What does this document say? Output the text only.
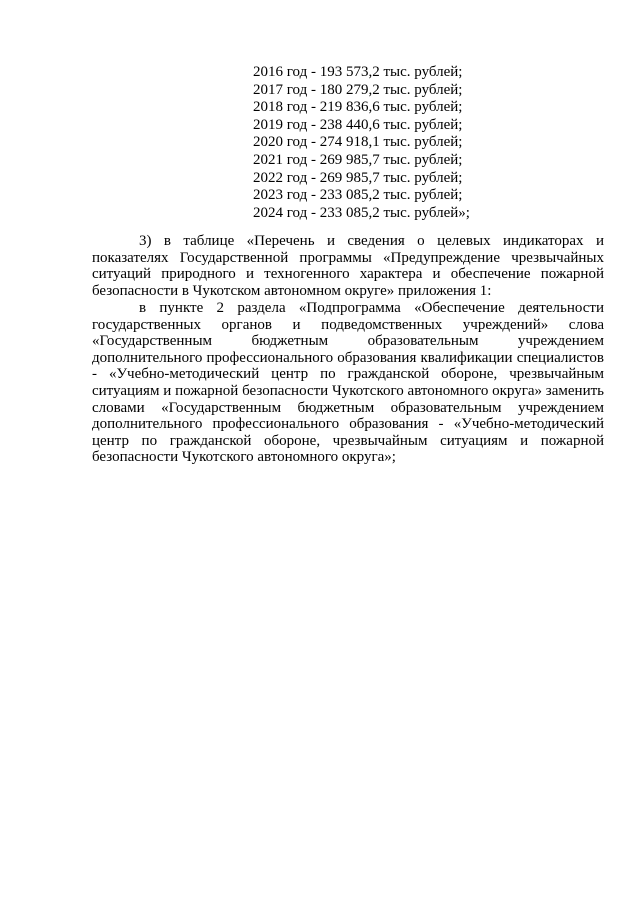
2016 год - 193 573,2 тыс. рублей;
2017 год - 180 279,2 тыс. рублей;
2018 год - 219 836,6 тыс. рублей;
2019 год - 238 440,6 тыс. рублей;
2020 год - 274 918,1 тыс. рублей;
2021 год - 269 985,7 тыс. рублей;
2022 год - 269 985,7 тыс. рублей;
2023 год - 233 085,2 тыс. рублей;
2024 год - 233 085,2 тыс. рублей»;

3) в таблице «Перечень и сведения о целевых индикаторах и показателях Государственной программы «Предупреждение чрезвычайных ситуаций природного и техногенного характера и обеспечение пожарной безопасности в Чукотском автономном округе» приложения 1:

в пункте 2 раздела «Подпрограмма «Обеспечение деятельности государственных органов и подведомственных учреждений» слова «Государственным бюджетным образовательным учреждением дополнительного профессионального образования квалификации специалистов - «Учебно-методический центр по гражданской обороне, чрезвычайным ситуациям и пожарной безопасности Чукотского автономного округа» заменить словами «Государственным бюджетным образовательным учреждением дополнительного профессионального образования - «Учебно-методический центр по гражданской обороне, чрезвычайным ситуациям и пожарной безопасности Чукотского автономного округа»;
